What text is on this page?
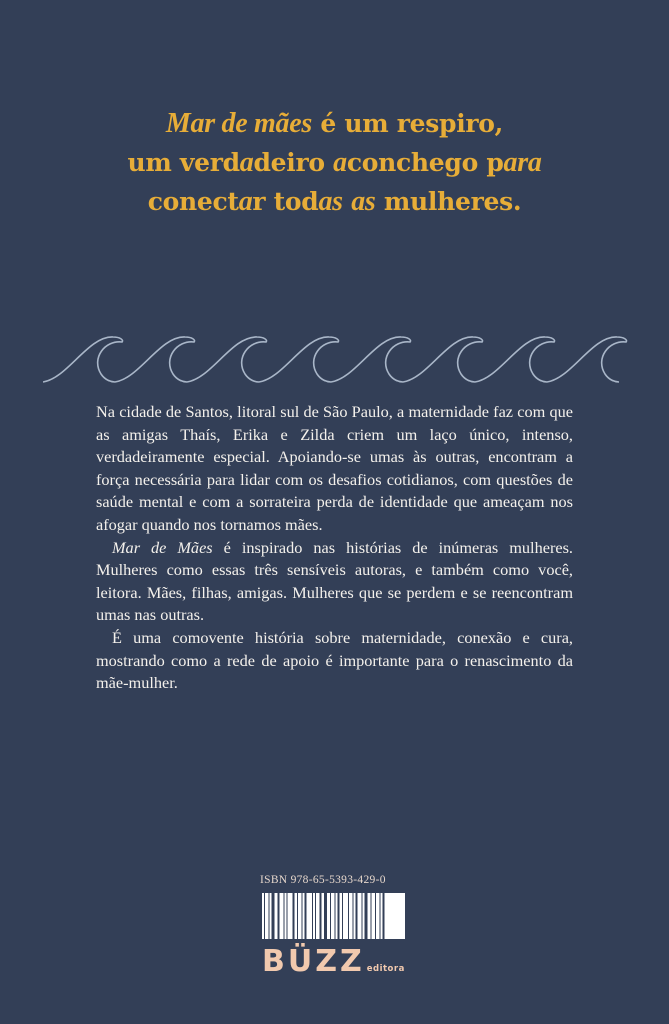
Mar de mães é um respiro,
um verdadeiro aconchego para
conectar todas as mulheres.

Na cidade de Santos, litoral sul de São Paulo, a maternidade faz com que as amigas Thaís, Erika e Zilda criem um laço único, intenso, verdadeiramente especial. Apoiando-se umas às outras, encontram a força necessária para lidar com os desafios cotidianos, com questões de saúde mental e com a sorrateira perda de identidade que ameaçam nos afogar quando nos tornamos mães.

Mar de Mães é inspirado nas histórias de inúmeras mulheres. Mulheres como essas três sensíveis autoras, e também como você, leitora. Mães, filhas, amigas. Mulheres que se perdem e se reencontram umas nas outras.

É uma comovente história sobre maternidade, conexão e cura, mostrando como a rede de apoio é importante para o renascimento da mãe-mulher.

ISBN 978-65-5393-429-0
BÜZZ editora
